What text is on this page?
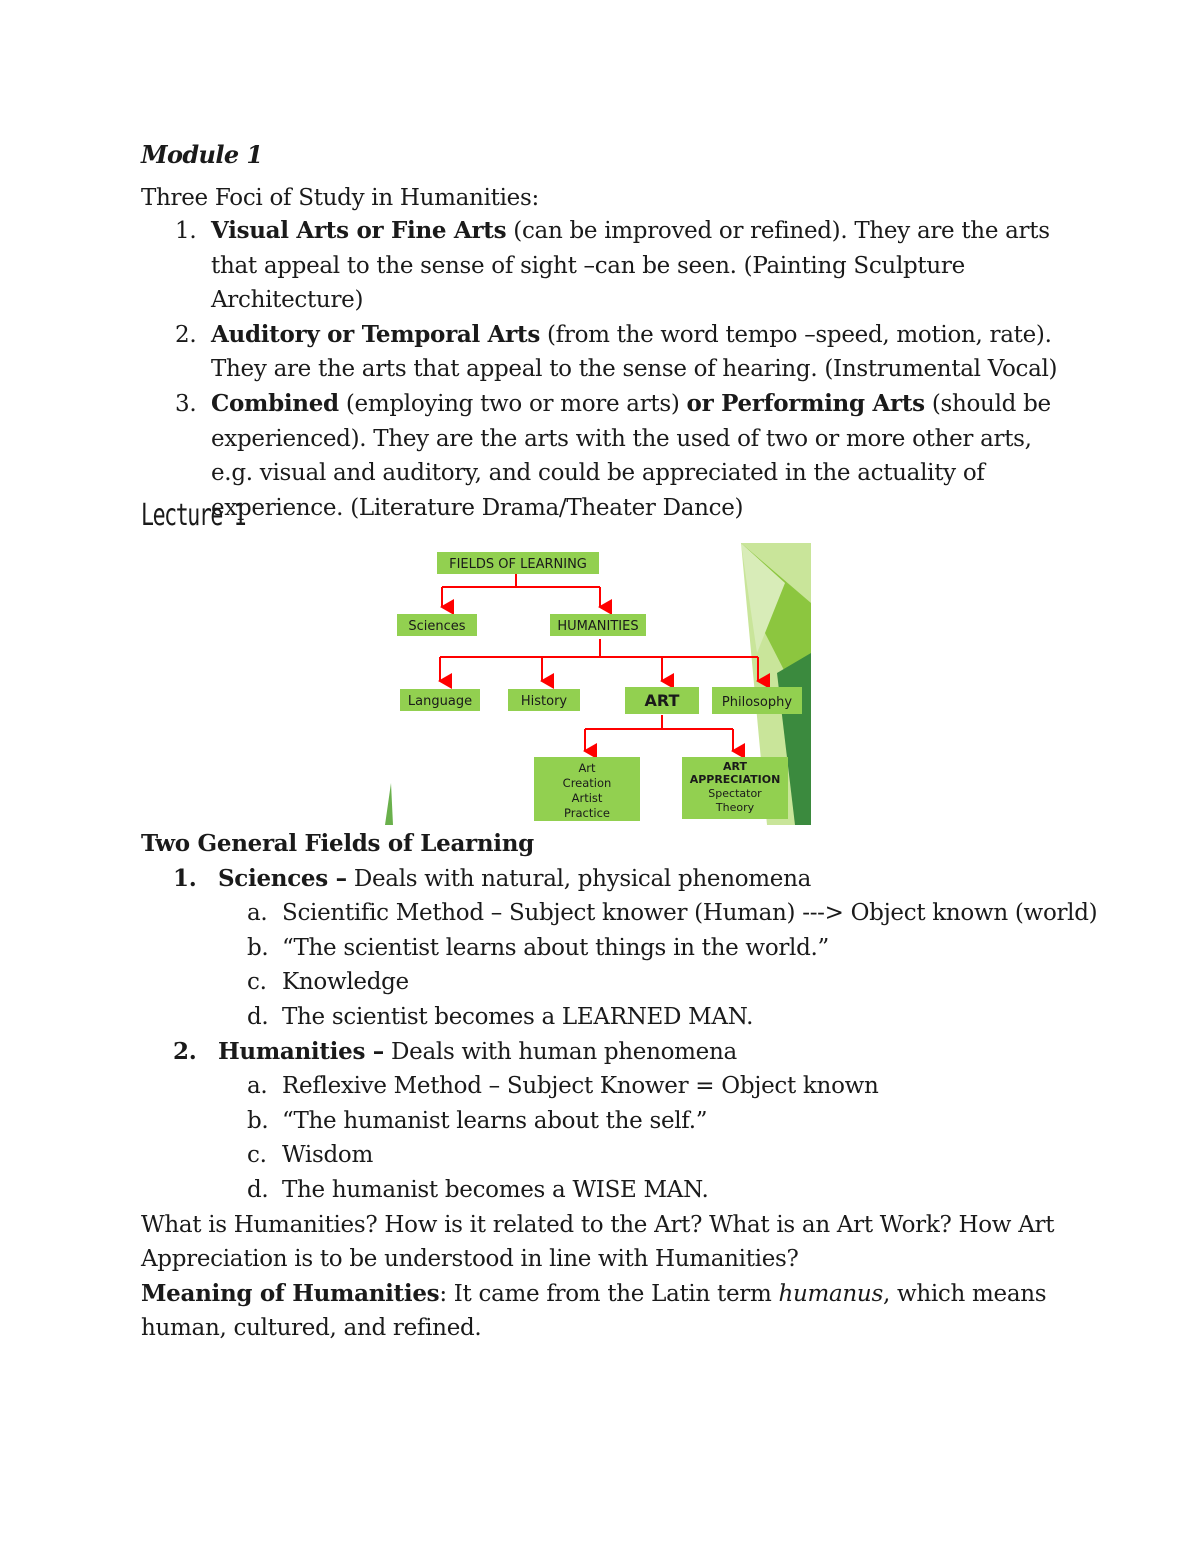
Module 1
Three Foci of Study in Humanities:
1. Visual Arts or Fine Arts (can be improved or refined). They are the arts that appeal to the sense of sight –can be seen. (Painting Sculpture Architecture)
2. Auditory or Temporal Arts (from the word tempo –speed, motion, rate). They are the arts that appeal to the sense of hearing. (Instrumental Vocal)
3. Combined (employing two or more arts) or Performing Arts (should be experienced). They are the arts with the used of two or more other arts, e.g. visual and auditory, and could be appreciated in the actuality of experience. (Literature Drama/Theater Dance)
Lecture 1
FIELDS OF LEARNING
Sciences	HUMANITIES
Language	History	ART	Philosophy
Art
Creation
Artist
Practice
ART
APPRECIATION
Spectator
Theory
Two General Fields of Learning
1. Sciences – Deals with natural, physical phenomena
a. Scientific Method – Subject knower (Human) ---> Object known (world)
b. “The scientist learns about things in the world.”
c. Knowledge
d. The scientist becomes a LEARNED MAN.
2. Humanities – Deals with human phenomena
a. Reflexive Method – Subject Knower = Object known
b. “The humanist learns about the self.”
c. Wisdom
d. The humanist becomes a WISE MAN.
What is Humanities? How is it related to the Art? What is an Art Work? How Art Appreciation is to be understood in line with Humanities?
Meaning of Humanities: It came from the Latin term humanus, which means human, cultured, and refined.
